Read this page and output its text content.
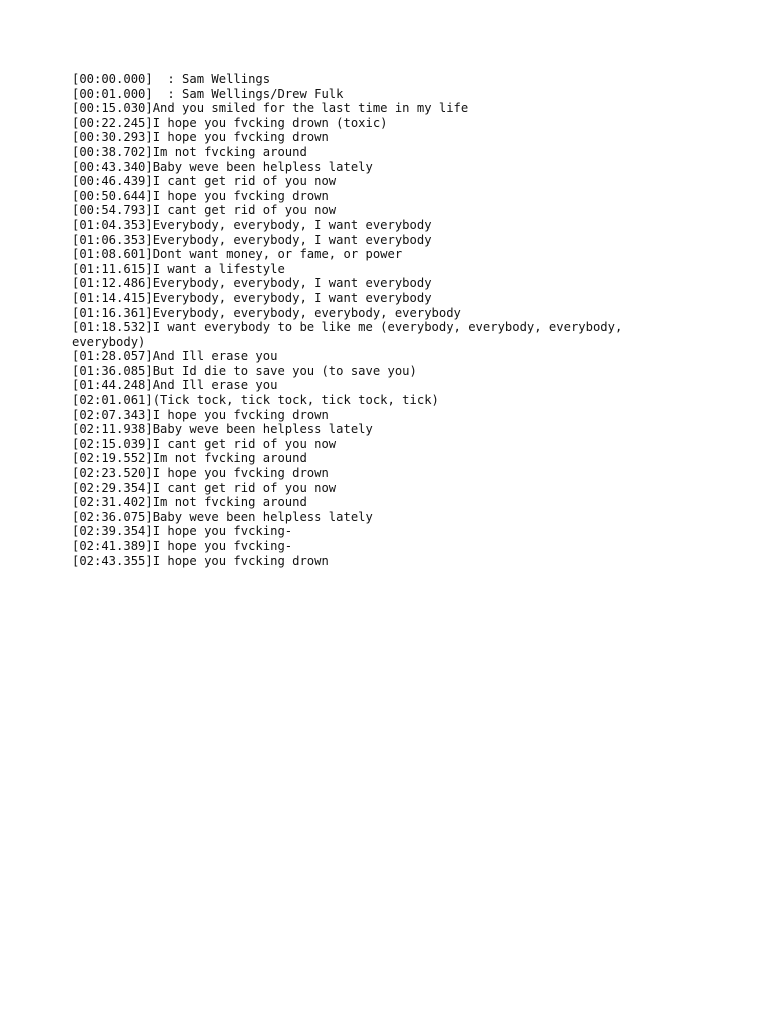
[00:00.000]  : Sam Wellings
[00:01.000]  : Sam Wellings/Drew Fulk
[00:15.030]And you smiled for the last time in my life
[00:22.245]I hope you fvcking drown (toxic)
[00:30.293]I hope you fvcking drown
[00:38.702]Im not fvcking around
[00:43.340]Baby weve been helpless lately
[00:46.439]I cant get rid of you now
[00:50.644]I hope you fvcking drown
[00:54.793]I cant get rid of you now
[01:04.353]Everybody, everybody, I want everybody
[01:06.353]Everybody, everybody, I want everybody
[01:08.601]Dont want money, or fame, or power
[01:11.615]I want a lifestyle
[01:12.486]Everybody, everybody, I want everybody
[01:14.415]Everybody, everybody, I want everybody
[01:16.361]Everybody, everybody, everybody, everybody
[01:18.532]I want everybody to be like me (everybody, everybody, everybody, everybody)
[01:28.057]And Ill erase you
[01:36.085]But Id die to save you (to save you)
[01:44.248]And Ill erase you
[02:01.061](Tick tock, tick tock, tick tock, tick)
[02:07.343]I hope you fvcking drown
[02:11.938]Baby weve been helpless lately
[02:15.039]I cant get rid of you now
[02:19.552]Im not fvcking around
[02:23.520]I hope you fvcking drown
[02:29.354]I cant get rid of you now
[02:31.402]Im not fvcking around
[02:36.075]Baby weve been helpless lately
[02:39.354]I hope you fvcking-
[02:41.389]I hope you fvcking-
[02:43.355]I hope you fvcking drown
